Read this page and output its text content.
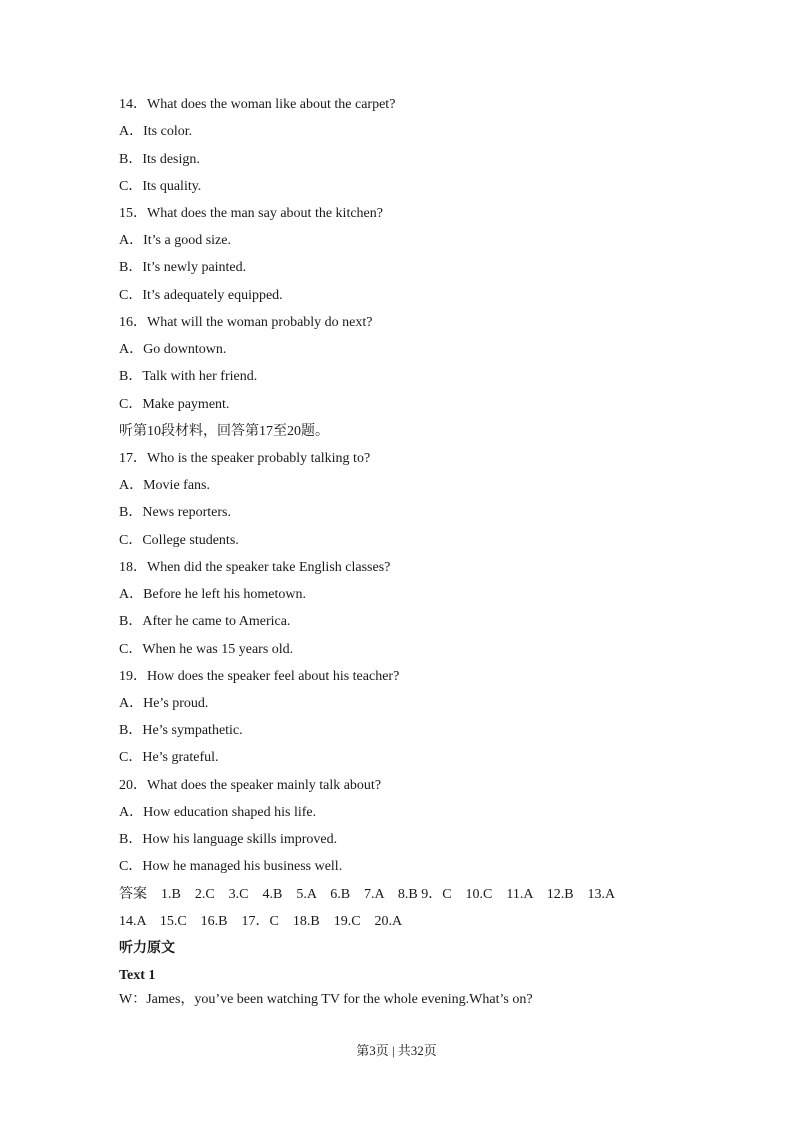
14．What does the woman like about the carpet?
A．Its color.
B．Its design.
C．Its quality.
15．What does the man say about the kitchen?
A．It’s a good size.
B．It’s newly painted.
C．It’s adequately equipped.
16．What will the woman probably do next?
A．Go downtown.
B．Talk with her friend.
C．Make payment.
听第10段材料，回答第17至20题。
17．Who is the speaker probably talking to?
A．Movie fans.
B．News reporters.
C．College students.
18．When did the speaker take English classes?
A．Before he left his hometown.
B．After he came to America.
C．When he was 15 years old.
19．How does the speaker feel about his teacher?
A．He’s proud.
B．He’s sympathetic.
C．He’s grateful.
20．What does the speaker mainly talk about?
A．How education shaped his life.
B．How his language skills improved.
C．How he managed his business well.
答案　1.B　2.C　3.C　4.B　5.A　6.B　7.A　8.B 9．C　10.C　11.A　12.B　13.A
14.A　15.C　16.B　17．C　18.B　19.C　20.A
听力原文
Text 1
W：James，you’ve been watching TV for the whole evening.What’s on?
第3页 | 共32页
